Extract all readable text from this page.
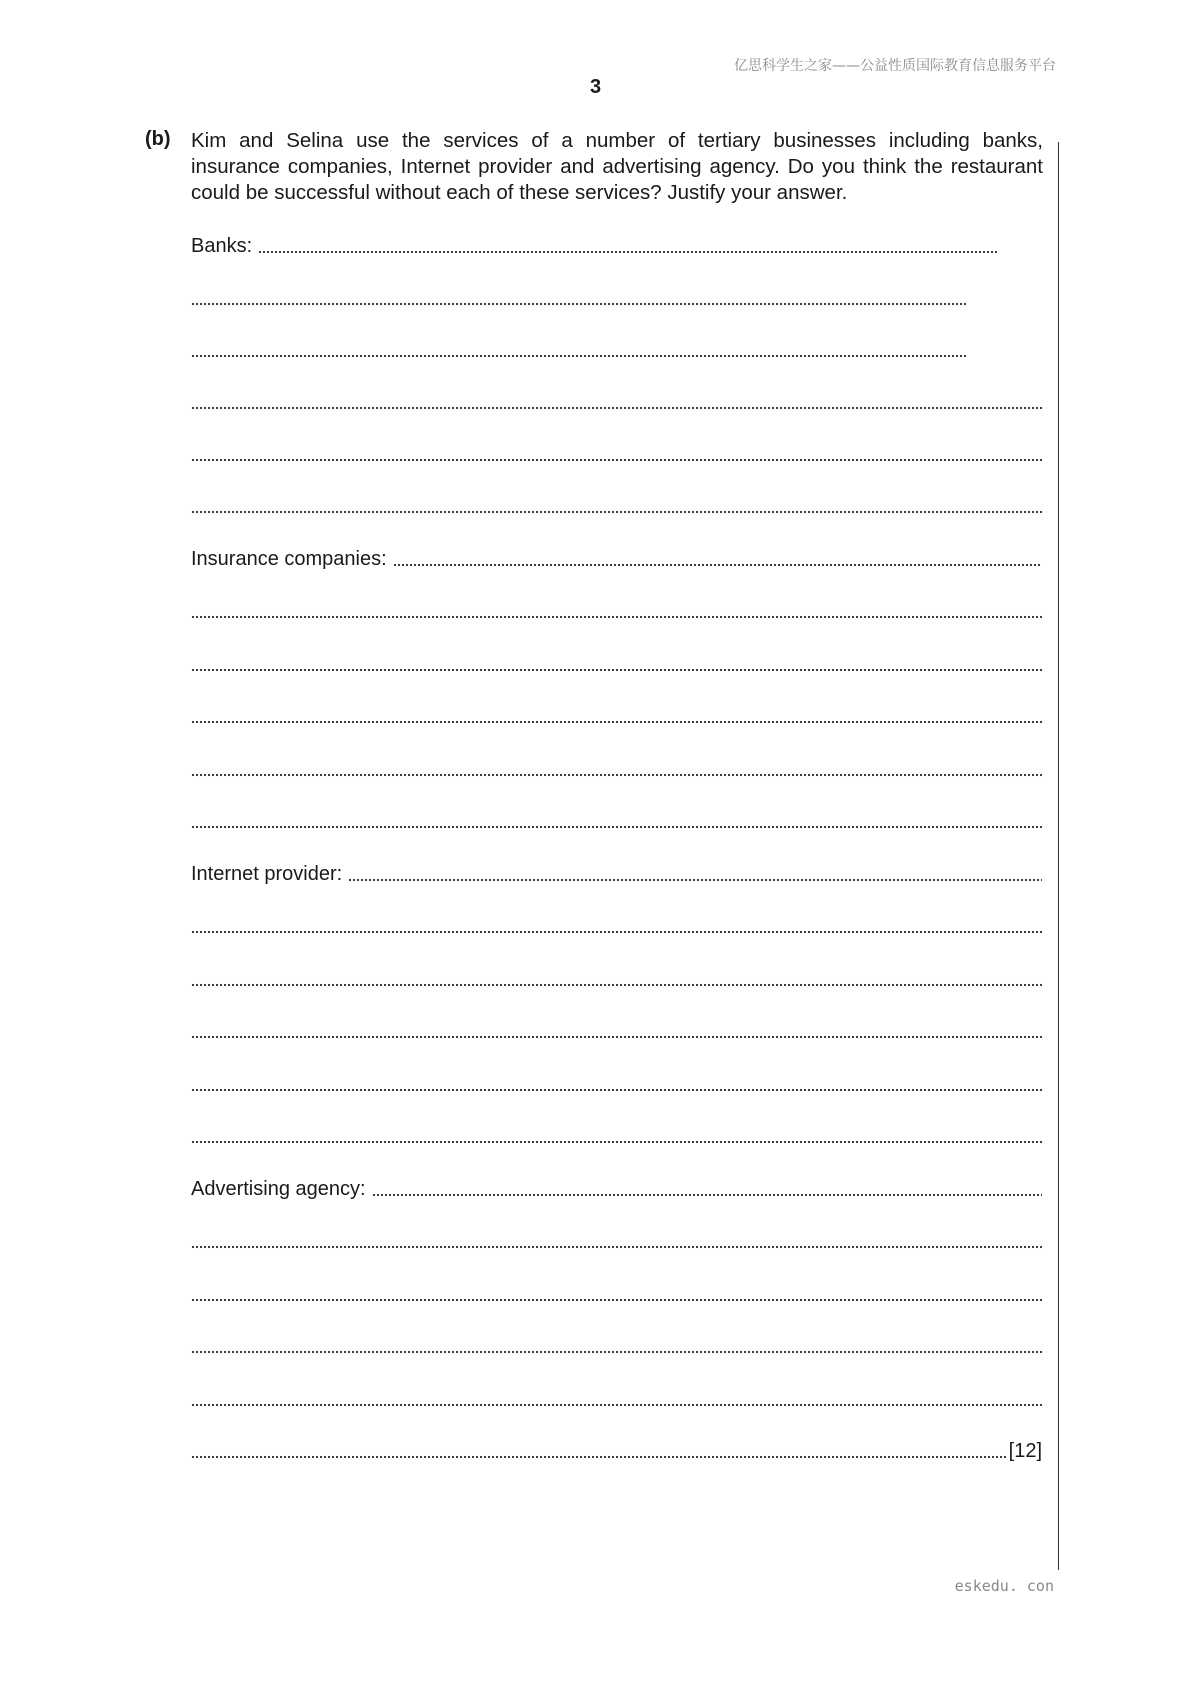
亿思科学生之家——公益性质国际教育信息服务平台
3
(b) Kim and Selina use the services of a number of tertiary businesses including banks, insurance companies, Internet provider and advertising agency. Do you think the restaurant could be successful without each of these services? Justify your answer.
Banks:
Insurance companies:
Internet provider:
Advertising agency:
[12]
eskedu. con
